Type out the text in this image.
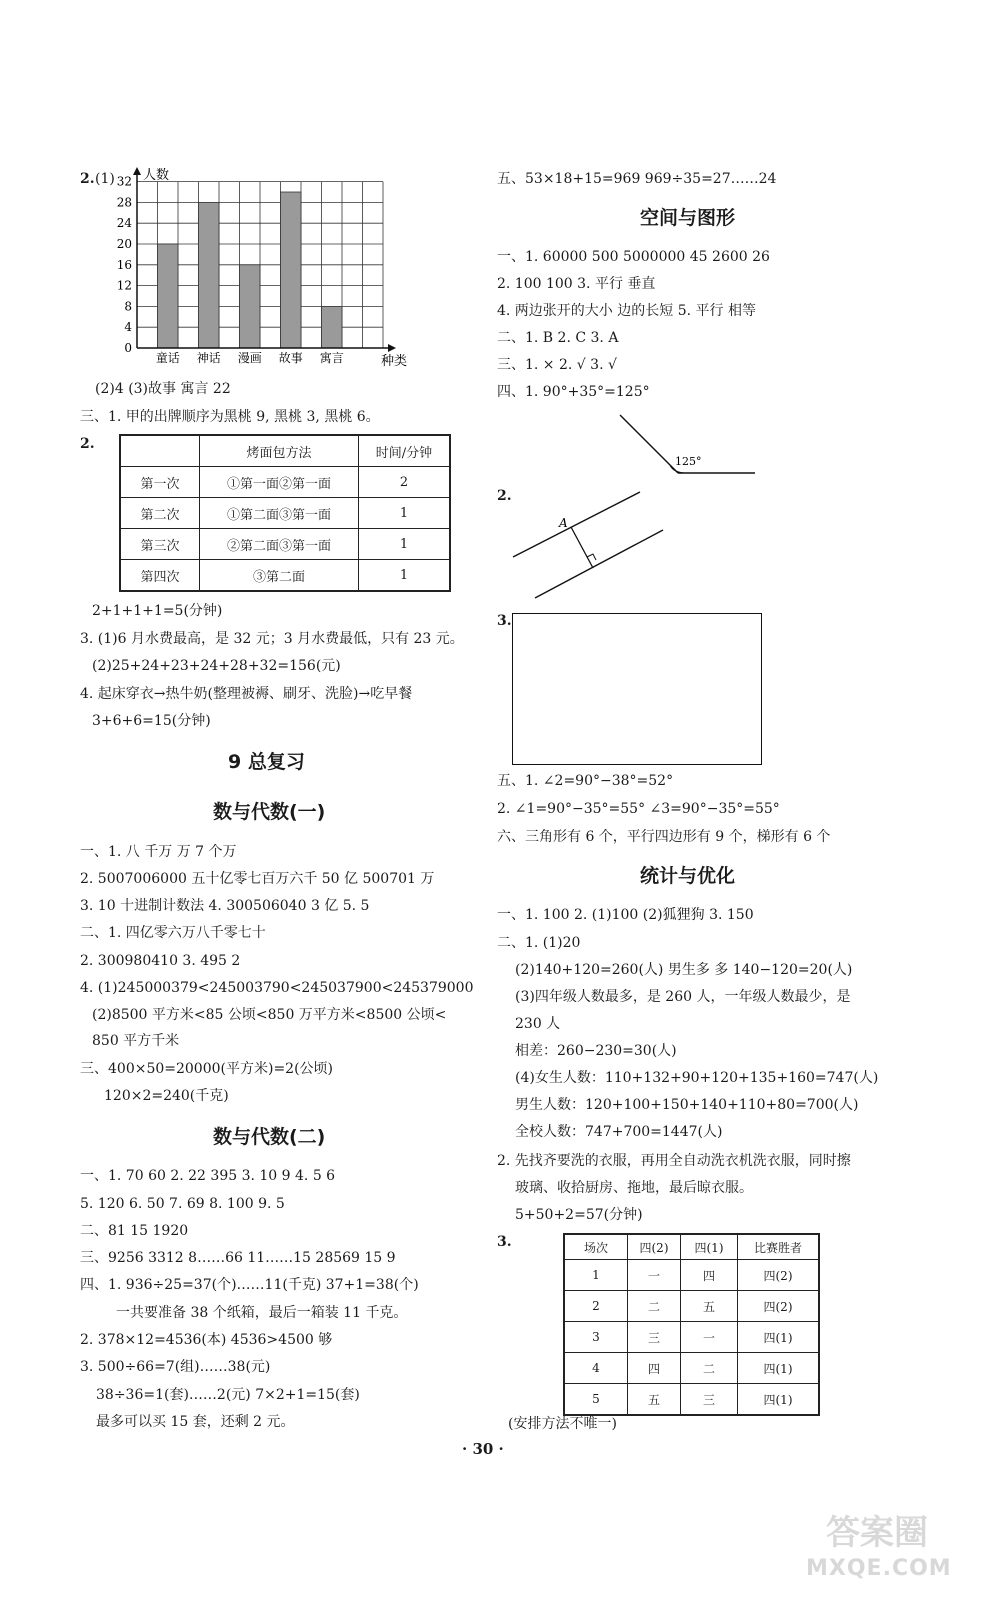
2. (1)
0
4
8
12
16
20
24
28
32
童话 神话 漫画 故事 寓言
人数
种类
(2)4 (3)故事 寓言 22
三、1. 甲的出牌顺序为黑桃 9, 黑桃 3, 黑桃 6。
2.
	烤面包方法	时间/分钟
第一次	①第一面②第一面	2
第二次	①第二面③第一面	1
第三次	②第二面③第一面	1
第四次	③第二面	1
2+1+1+1=5(分钟)
3. (1)6 月水费最高，是 32 元；3 月水费最低，只有 23 元。
(2)25+24+23+24+28+32=156(元)
4. 起床穿衣→热牛奶(整理被褥、刷牙、洗脸)→吃早餐
3+6+6=15(分钟)
9 总复习
数与代数(一)
一、1. 八 千万 万 7 个万
2. 5007006000 五十亿零七百万六千 50 亿 500701 万
3. 10 十进制计数法 4. 300506040 3 亿 5. 5
二、1. 四亿零六万八千零七十
2. 300980410 3. 495 2
4. (1)245000379<245003790<245037900<245379000
(2)8500 平方米<85 公顷<850 万平方米<8500 公顷<
850 平方千米
三、400×50=20000(平方米)=2(公顷)
120×2=240(千克)
数与代数(二)
一、1. 70 60 2. 22 395 3. 10 9 4. 5 6
5. 120 6. 50 7. 69 8. 100 9. 5
二、81 15 1920
三、9256 3312 8……66 11……15 28569 15 9
四、1. 936÷25=37(个)……11(千克) 37+1=38(个)
一共要准备 38 个纸箱，最后一箱装 11 千克。
2. 378×12=4536(本) 4536>4500 够
3. 500÷66=7(组)……38(元)
38÷36=1(套)……2(元) 7×2+1=15(套)
最多可以买 15 套，还剩 2 元。
五、53×18+15=969 969÷35=27……24
空间与图形
一、1. 60000 500 5000000 45 2600 26
2. 100 100 3. 平行 垂直
4. 两边张开的大小 边的长短 5. 平行 相等
二、1. B 2. C 3. A
三、1. × 2. √ 3. √
四、1. 90°+35°=125°
125°
2.
A
3.
五、1. ∠2=90°−38°=52°
2. ∠1=90°−35°=55° ∠3=90°−35°=55°
六、三角形有 6 个，平行四边形有 9 个，梯形有 6 个
统计与优化
一、1. 100 2. (1)100 (2)狐狸狗 3. 150
二、1. (1)20
(2)140+120=260(人) 男生多 多 140−120=20(人)
(3)四年级人数最多，是 260 人，一年级人数最少，是
230 人
相差：260−230=30(人)
(4)女生人数：110+132+90+120+135+160=747(人)
男生人数：120+100+150+140+110+80=700(人)
全校人数：747+700=1447(人)
2. 先找齐要洗的衣服，再用全自动洗衣机洗衣服，同时擦
玻璃、收拾厨房、拖地，最后晾衣服。
5+50+2=57(分钟)
3.	场次	四(2)	四(1)	比赛胜者
1	一	四	四(2)
2	二	五	四(2)
3	三	一	四(1)
4	四	二	四(1)
5	五	三	四(1)
(安排方法不唯一)
· 30 ·
答案圈
MXQE.COM
